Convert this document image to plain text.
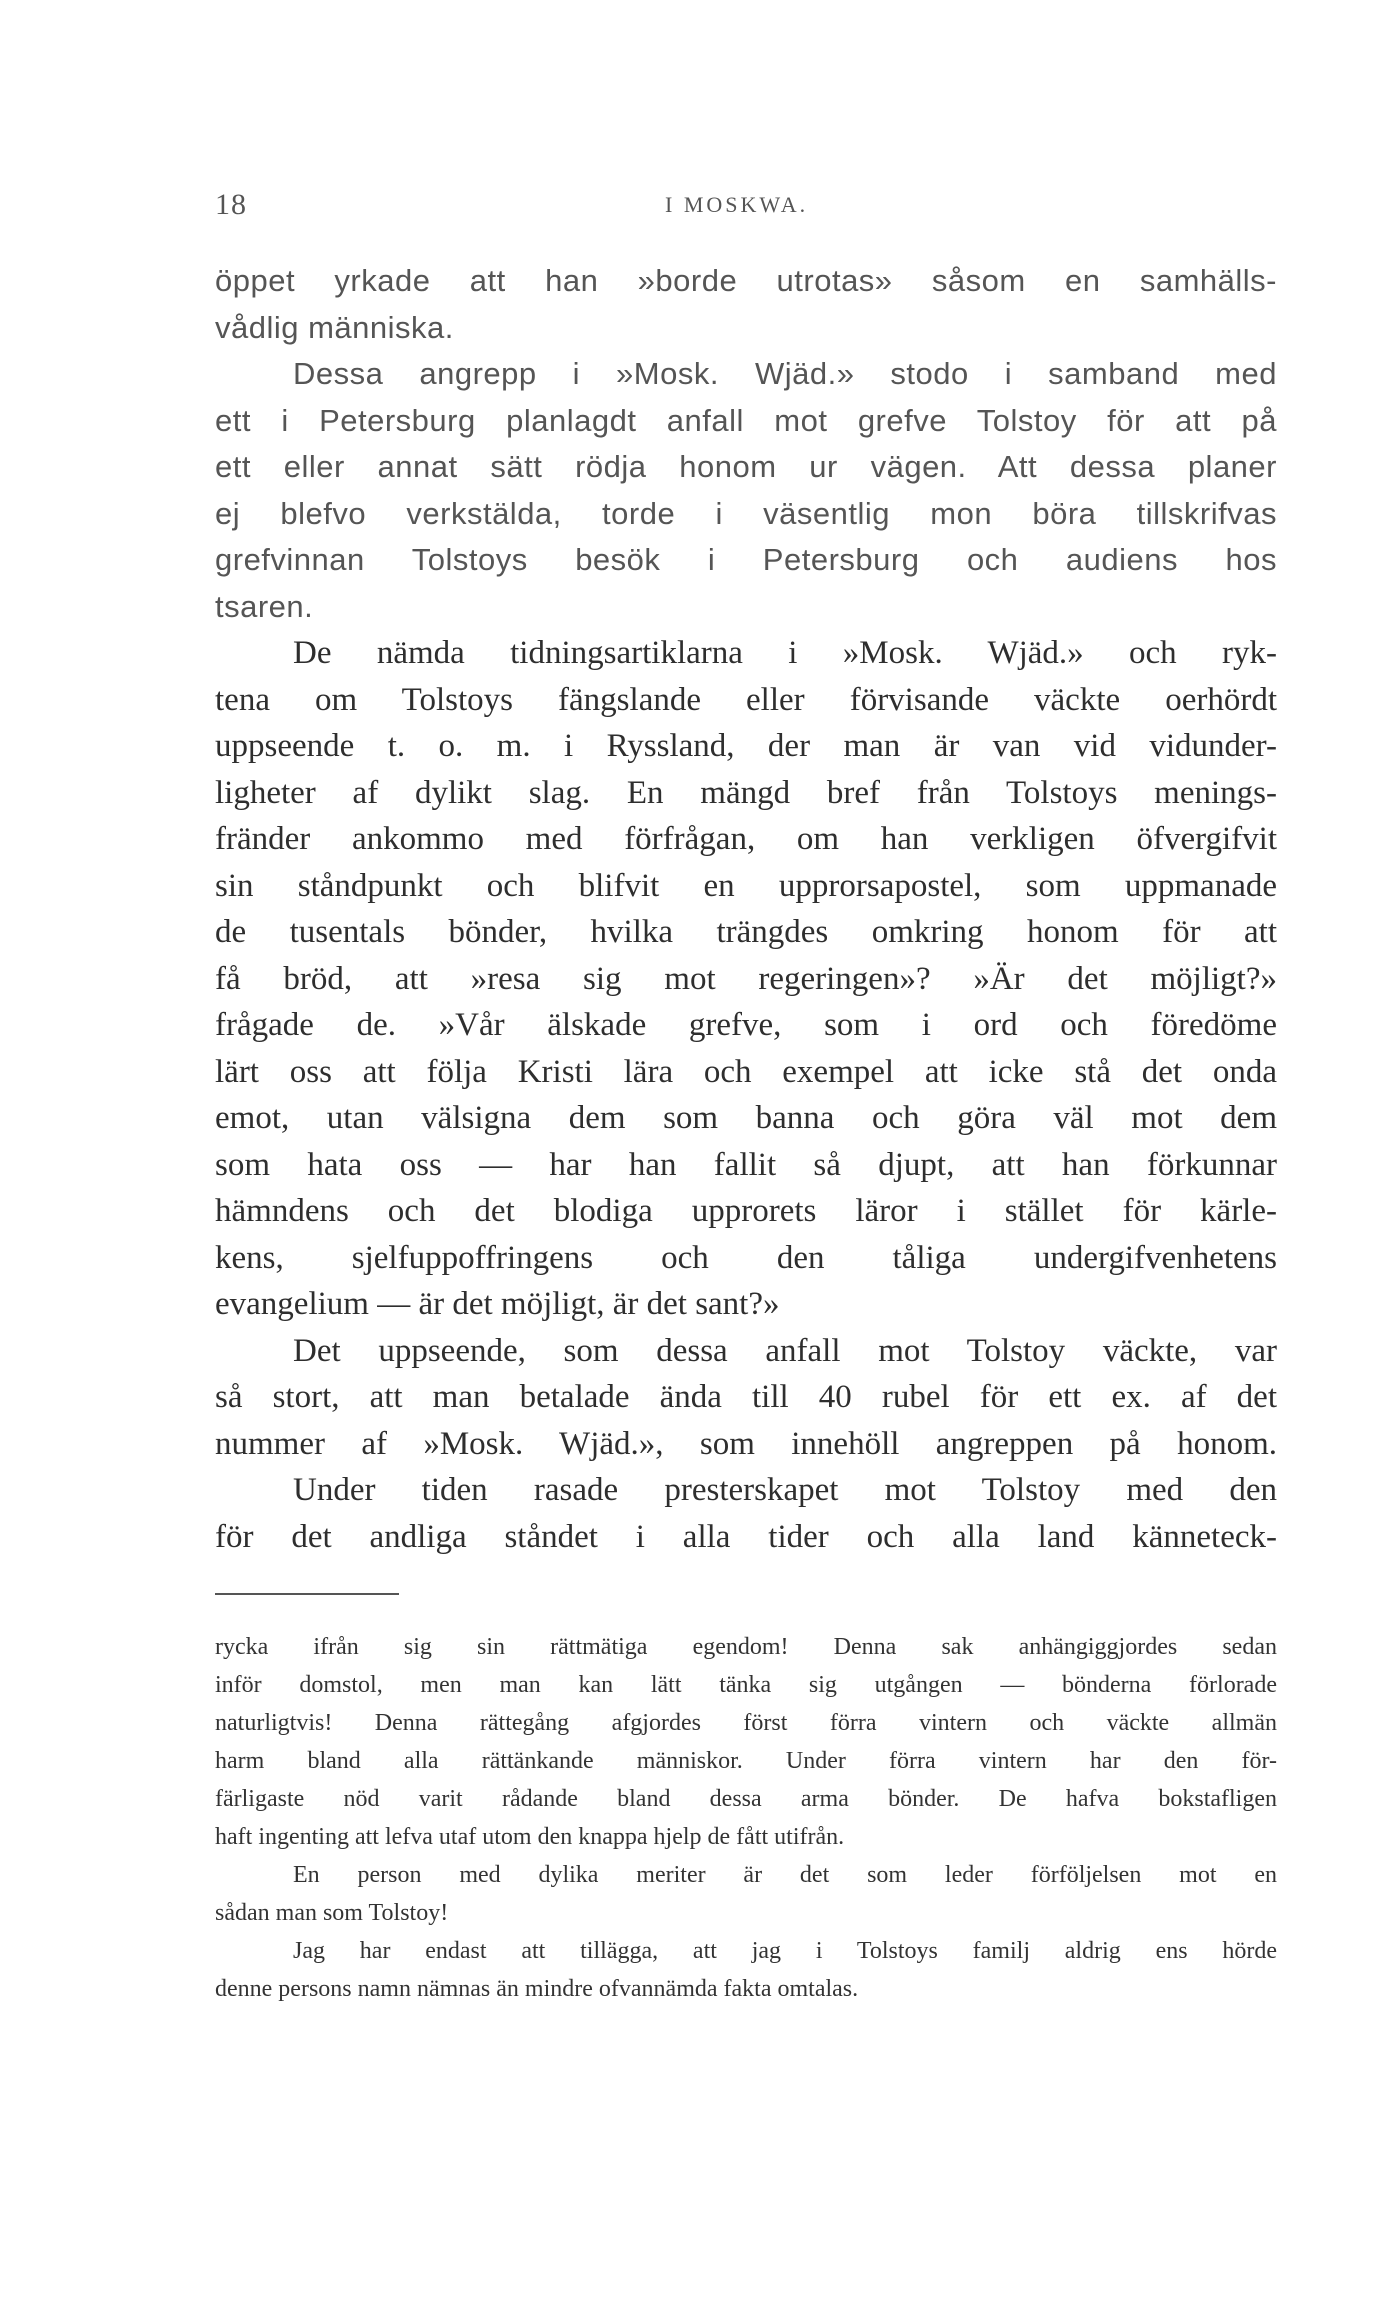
18	I MOSKWA.
öppet yrkade att han »borde utrotas» såsom en samhälls-
vådlig människa.
Dessa angrepp i »Mosk. Wjäd.» stodo i samband med
ett i Petersburg planlagdt anfall mot grefve Tolstoy för att på
ett eller annat sätt rödja honom ur vägen. Att dessa planer
ej blefvo verkstälda, torde i väsentlig mon böra tillskrifvas
grefvinnan Tolstoys besök i Petersburg och audiens hos
tsaren.
De nämda tidningsartiklarna i »Mosk. Wjäd.» och ryk-
tena om Tolstoys fängslande eller förvisande väckte oerhördt
uppseende t. o. m. i Ryssland, der man är van vid vidunder-
ligheter af dylikt slag. En mängd bref från Tolstoys menings-
fränder ankommo med förfrågan, om han verkligen öfvergifvit
sin ståndpunkt och blifvit en upprorsapostel, som uppmanade
de tusentals bönder, hvilka trängdes omkring honom för att
få bröd, att »resa sig mot regeringen»? »Är det möjligt?»
frågade de. »Vår älskade grefve, som i ord och föredöme
lärt oss att följa Kristi lära och exempel att icke stå det onda
emot, utan välsigna dem som banna och göra väl mot dem
som hata oss — har han fallit så djupt, att han förkunnar
hämndens och det blodiga upprorets läror i stället för kärle-
kens, sjelfuppoffringens och den tåliga undergifvenhetens
evangelium — är det möjligt, är det sant?»
Det uppseende, som dessa anfall mot Tolstoy väckte, var
så stort, att man betalade ända till 40 rubel för ett ex. af det
nummer af »Mosk. Wjäd.», som innehöll angreppen på honom.
Under tiden rasade presterskapet mot Tolstoy med den
för det andliga ståndet i alla tider och alla land känneteck-
rycka ifrån sig sin rättmätiga egendom! Denna sak anhängiggjordes sedan
inför domstol, men man kan lätt tänka sig utgången — bönderna förlorade
naturligtvis! Denna rättegång afgjordes först förra vintern och väckte allmän
harm bland alla rättänkande människor. Under förra vintern har den för-
färligaste nöd varit rådande bland dessa arma bönder. De hafva bokstafligen
haft ingenting att lefva utaf utom den knappa hjelp de fått utifrån.
En person med dylika meriter är det som leder förföljelsen mot en
sådan man som Tolstoy!
Jag har endast att tillägga, att jag i Tolstoys familj aldrig ens hörde
denne persons namn nämnas än mindre ofvannämda fakta omtalas.
